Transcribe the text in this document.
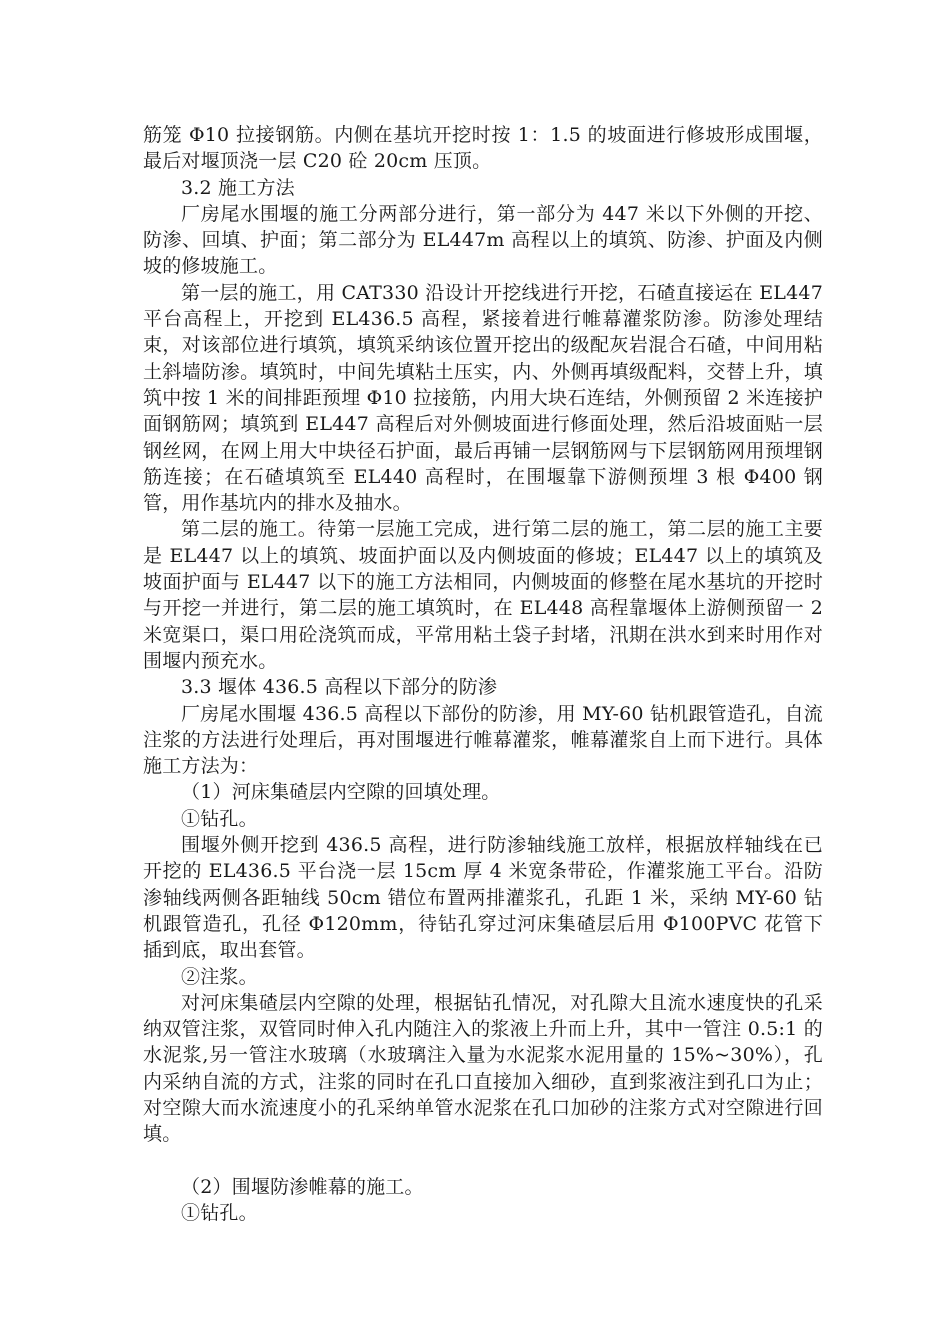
筋笼 Φ10 拉接钢筋。内侧在基坑开挖时按 1：1.5 的坡面进行修坡形成围堰，最后对堰顶浇一层 C20 砼 20cm 压顶。

3.2 施工方法

厂房尾水围堰的施工分两部分进行，第一部分为 447 米以下外侧的开挖、防渗、回填、护面；第二部分为 EL447m 高程以上的填筑、防渗、护面及内侧坡的修坡施工。

第一层的施工，用 CAT330 沿设计开挖线进行开挖，石碴直接运在 EL447 平台高程上，开挖到 EL436.5 高程，紧接着进行帷幕灌浆防渗。防渗处理结束，对该部位进行填筑，填筑采纳该位置开挖出的级配灰岩混合石碴，中间用粘土斜墙防渗。填筑时，中间先填粘土压实，内、外侧再填级配料，交替上升，填筑中按 1 米的间排距预埋 Φ10 拉接筋，内用大块石连结，外侧预留 2 米连接护面钢筋网；填筑到 EL447 高程后对外侧坡面进行修面处理，然后沿坡面贴一层钢丝网，在网上用大中块径石护面，最后再铺一层钢筋网与下层钢筋网用预埋钢筋连接；在石碴填筑至 EL440 高程时，在围堰靠下游侧预埋 3 根 Φ400 钢管，用作基坑内的排水及抽水。

第二层的施工。待第一层施工完成，进行第二层的施工，第二层的施工主要是 EL447 以上的填筑、坡面护面以及内侧坡面的修坡；EL447 以上的填筑及坡面护面与 EL447 以下的施工方法相同，内侧坡面的修整在尾水基坑的开挖时与开挖一并进行，第二层的施工填筑时，在 EL448 高程靠堰体上游侧预留一 2 米宽渠口，渠口用砼浇筑而成，平常用粘土袋子封堵，汛期在洪水到来时用作对围堰内预充水。

3.3 堰体 436.5 高程以下部分的防渗

厂房尾水围堰 436.5 高程以下部份的防渗，用 MY-60 钻机跟管造孔，自流注浆的方法进行处理后，再对围堰进行帷幕灌浆，帷幕灌浆自上而下进行。具体施工方法为：

（1）河床集碴层内空隙的回填处理。

①钻孔。

围堰外侧开挖到 436.5 高程，进行防渗轴线施工放样，根据放样轴线在已开挖的 EL436.5 平台浇一层 15cm 厚 4 米宽条带砼，作灌浆施工平台。沿防渗轴线两侧各距轴线 50cm 错位布置两排灌浆孔，孔距 1 米，采纳 MY-60 钻机跟管造孔，孔径 Φ120mm，待钻孔穿过河床集碴层后用 Φ100PVC 花管下插到底，取出套管。

②注浆。

对河床集碴层内空隙的处理，根据钻孔情况，对孔隙大且流水速度快的孔采纳双管注浆，双管同时伸入孔内随注入的浆液上升而上升，其中一管注 0.5:1 的水泥浆,另一管注水玻璃（水玻璃注入量为水泥浆水泥用量的 15%~30%），孔内采纳自流的方式，注浆的同时在孔口直接加入细砂，直到浆液注到孔口为止；对空隙大而水流速度小的孔采纳单管水泥浆在孔口加砂的注浆方式对空隙进行回填。

（2）围堰防渗帷幕的施工。

①钻孔。
